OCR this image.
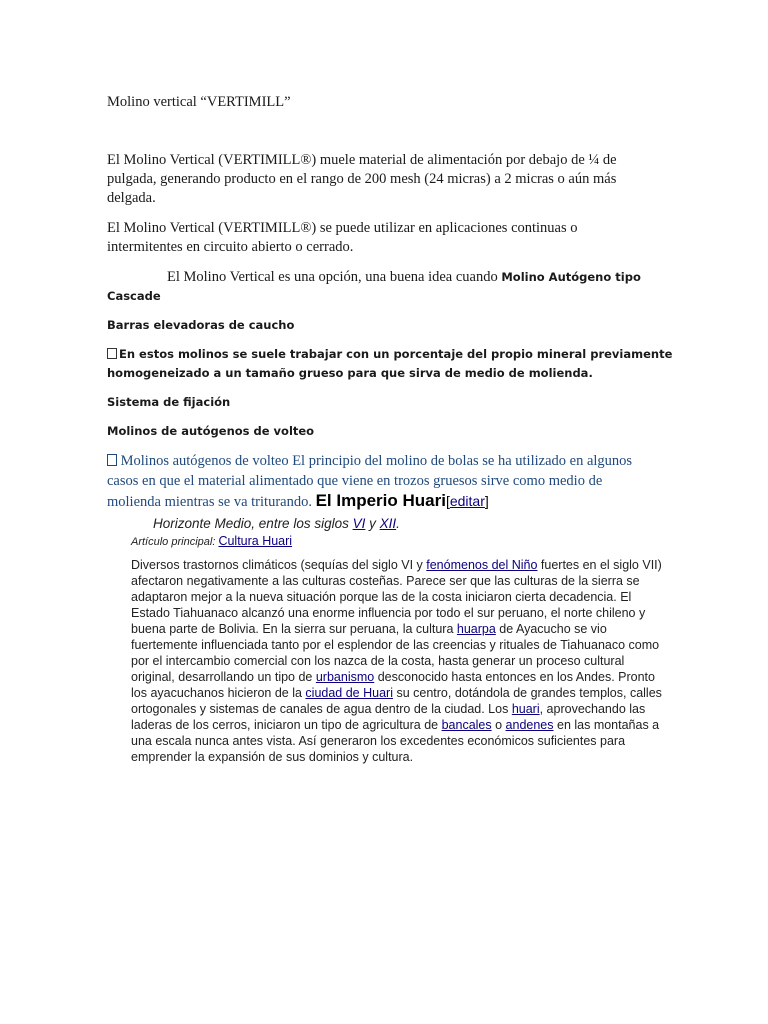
Molino vertical “VERTIMILL”

El Molino Vertical (VERTIMILL®) muele material de alimentación por debajo de ¼ de pulgada, generando producto en el rango de 200 mesh (24 micras) a 2 micras o aún más delgada.

El Molino Vertical (VERTIMILL®) se puede utilizar en aplicaciones continuas o intermitentes en circuito abierto o cerrado.

El Molino Vertical es una opción, una buena idea cuando Molino Autógeno tipo

Cascade

Barras elevadoras de caucho

En estos molinos se suele trabajar con un porcentaje del propio mineral previamente
homogeneizado a un tamaño grueso para que sirva de medio de molienda.

Sistema de fijación

Molinos de autógenos de volteo

Molinos autógenos de volteo El principio del molino de bolas se ha utilizado en algunos
casos en que el material alimentado que viene en trozos gruesos sirve como medio de
molienda mientras se va triturando. El Imperio Huari[editar]

Horizonte Medio, entre los siglos VI y XII.

Artículo principal: Cultura Huari

Diversos trastornos climáticos (sequías del siglo VI y fenómenos del Niño fuertes en el siglo VII) afectaron negativamente a las culturas costeñas. Parece ser que las culturas de la sierra se adaptaron mejor a la nueva situación porque las de la costa iniciaron cierta decadencia. El Estado Tiahuanaco alcanzó una enorme influencia por todo el sur peruano, el norte chileno y buena parte de Bolivia. En la sierra sur peruana, la cultura huarpa de Ayacucho se vio fuertemente influenciada tanto por el esplendor de las creencias y rituales de Tiahuanaco como por el intercambio comercial con los nazca de la costa, hasta generar un proceso cultural original, desarrollando un tipo de urbanismo desconocido hasta entonces en los Andes. Pronto los ayacuchanos hicieron de la ciudad de Huari su centro, dotándola de grandes templos, calles ortogonales y sistemas de canales de agua dentro de la ciudad. Los huari, aprovechando las laderas de los cerros, iniciaron un tipo de agricultura de bancales o andenes en las montañas a una escala nunca antes vista. Así generaron los excedentes económicos suficientes para emprender la expansión de sus dominios y cultura.
